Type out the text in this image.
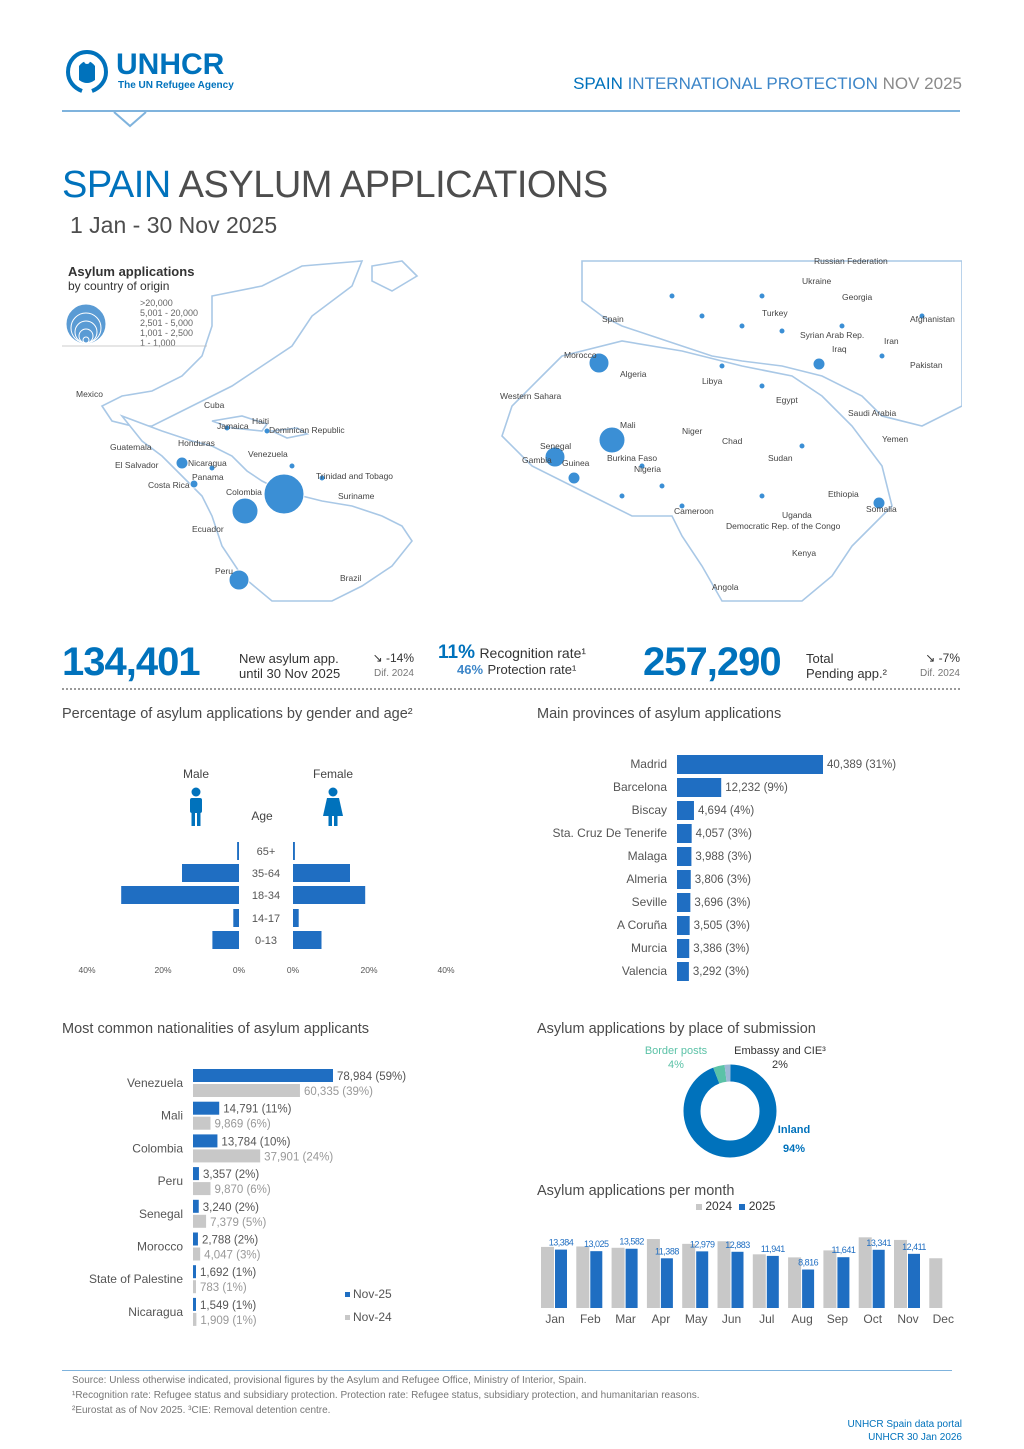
UNHCR
The UN Refugee Agency	SPAIN INTERNATIONAL PROTECTION NOV 2025
SPAIN ASYLUM APPLICATIONS
1 Jan - 30 Nov 2025
Asylum applications
by country of origin
>20,000
5,001 - 20,000
2,501 - 5,000
1,001 - 2,500
1 - 1,000
Mexico
Cuba
Jamaica Haiti
Dominican Republic
Guatemala	Honduras
El Salvador	Nicaragua
Costa Rica
Panama	Trinidad and Tobago
Venezuela
Colombia	Suriname
Ecuador
Peru
Brazil
Russian Federation
Ukraine
Georgia
Spain
Turkey
Morocco
Algeria
Libya
Egypt
Western Sahara
Mali
Niger
Chad
Sudan
Senegal
Gambia Guinea Burkina Faso
Nigeria
Cameroon
Ethiopia
Somalia
Democratic Rep. of the Congo
Angola
Syrian Arab Rep.
Iraq
Iran
Afghanistan
Pakistan
Yemen
Saudi Arabia
Kenya
Uganda
134,401	New asylum app.
until 30 Nov 2025
↘ -14%
Dif. 2024
11% Recognition rate¹
46% Protection rate¹ 257,290 Total
Pending app.²
↘ -7%
Dif. 2024
Percentage of asylum applications by gender and age²
Male	Female
Age
65+
35-64
18-34
14-17
0-13
40%	20%	0%	0%	20%	40%
Main provinces of asylum applications
Madrid	40,389 (31%)
Barcelona	12,232 (9%)
Biscay	4,694 (4%)
Sta. Cruz De Tenerife 4,057 (3%)
Malaga 3,988 (3%)
Almeria 3,806 (3%)
Seville 3,696 (3%)
A Coruña 3,505 (3%)
Murcia 3,386 (3%)
Valencia 3,292 (3%)
Most common nationalities of asylum applicants
Venezuela	78,984 (59%)
60,335 (39%)
Mali	14,791 (11%)
9,869 (6%)
Colombia	13,784 (10%)
37,901 (24%)
Peru 3,357 (2%)
9,870 (6%)
Senegal 3,240 (2%)
7,379 (5%)
Morocco 2,788 (2%)
4,047 (3%)
State of Palestine 1,692 (1%)
783 (1%)
Nicaragua 1,549 (1%)
1,909 (1%)
Nov-25
Nov-24
Asylum applications by place of submission
Border posts
4%
Embassy and CIE³
2%
Inland
94%
Asylum applications per month
2024 2025
13,384
Jan
13,025
Feb
13,582
Mar
11,388
Apr
12,979
May
12,883
Jun
11,941
Jul
8,816
Aug
11,641
Sep
13,341
Oct
12,411
Nov Dec
Source: Unless otherwise indicated, provisional figures by the Asylum and Refugee Office, Ministry of Interior, Spain.
¹Recognition rate: Refugee status and subsidiary protection. Protection rate: Refugee status, subsidiary protection, and humanitarian reasons.
²Eurostat as of Nov 2025. ³CIE: Removal detention centre.
UNHCR Spain data portal
UNHCR 30 Jan 2026
